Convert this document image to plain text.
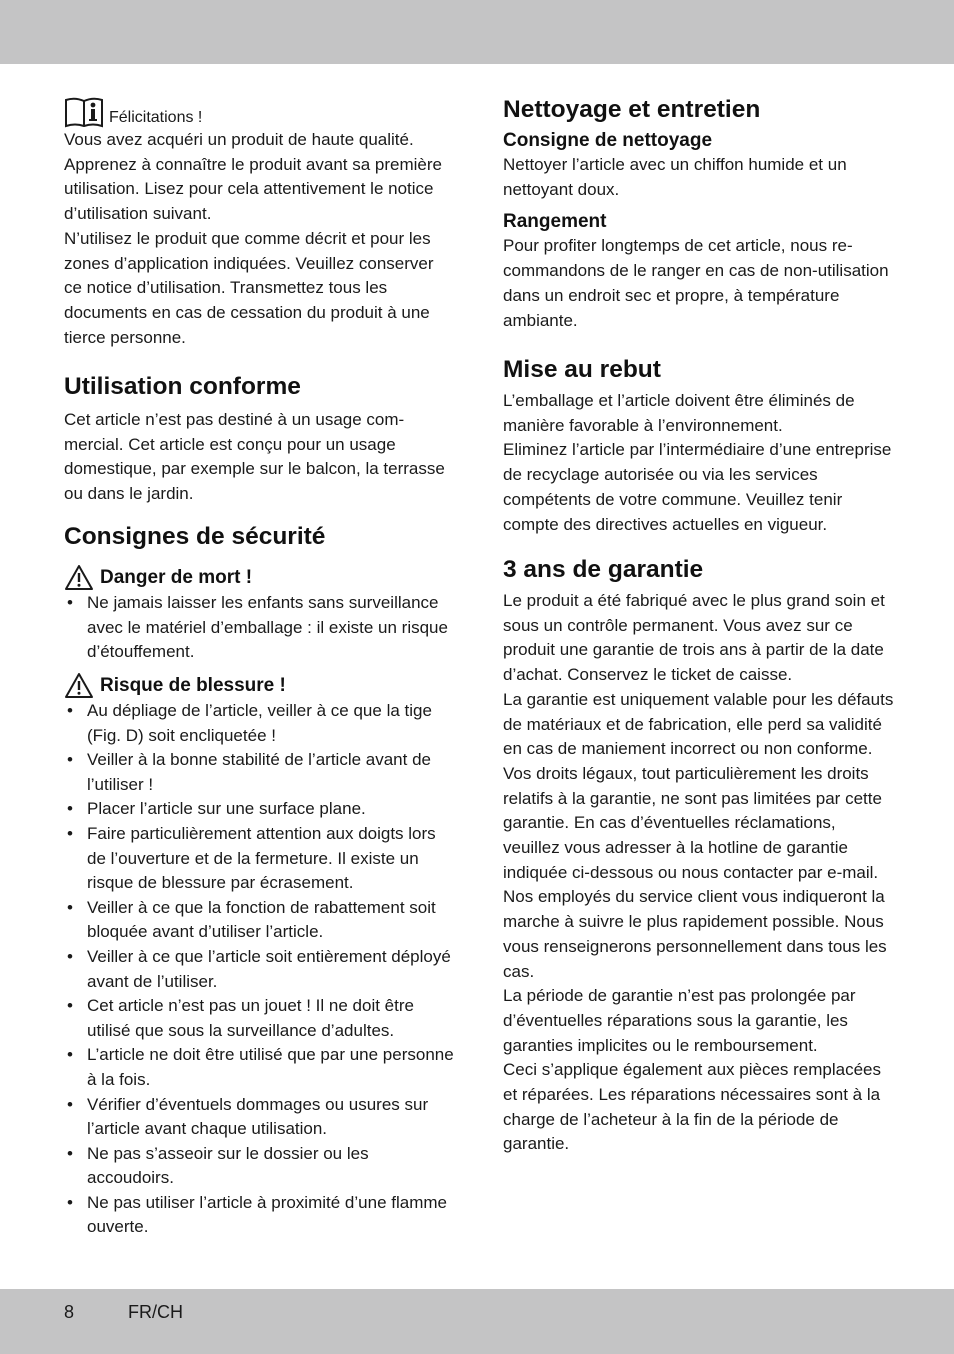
Félicitations !

Vous avez acquéri un produit de haute qualité. Apprenez à connaître le produit avant sa première utilisation. Lisez pour cela attentivement le notice d’utilisation suivant.

N’utilisez le produit que comme décrit et pour les zones d’application indiquées. Veuillez conserver ce notice d’utilisation. Transmettez tous les documents en cas de cessation du produit à une tierce personne.

Utilisation conforme

Cet article n’est pas destiné à un usage commercial. Cet article est conçu pour un usage domestique, par exemple sur le balcon, la terrasse ou dans le jardin.

Consignes de sécurité
Danger de mort !
• Ne jamais laisser les enfants sans surveillance avec le matériel d’emballage : il existe un risque d’étouffement.
Risque de blessure !
• Au dépliage de l’article, veiller à ce que la tige (Fig. D) soit encliquetée !
• Veiller à la bonne stabilité de l’article avant de l’utiliser !
• Placer l’article sur une surface plane.
• Faire particulièrement attention aux doigts lors de l’ouverture et de la fermeture. Il existe un risque de blessure par écrasement.
• Veiller à ce que la fonction de rabattement soit bloquée avant d’utiliser l’article.
• Veiller à ce que l’article soit entièrement déployé avant de l’utiliser.
• Cet article n’est pas un jouet ! Il ne doit être utilisé que sous la surveillance d’adultes.
• L’article ne doit être utilisé que par une personne à la fois.
• Vérifier d’éventuels dommages ou usures sur l’article avant chaque utilisation.
• Ne pas s’asseoir sur le dossier ou les accoudoirs.
• Ne pas utiliser l’article à proximité d’une flamme ouverte.
Nettoyage et entretien
Consigne de nettoyage

Nettoyer l’article avec un chiffon humide et un nettoyant doux.

Rangement

Pour profiter longtemps de cet article, nous recommandons de le ranger en cas de non-utilisation dans un endroit sec et propre, à température ambiante.

Mise au rebut

L’emballage et l’article doivent être éliminés de manière favorable à l’environnement.

Eliminez l’article par l’intermédiaire d’une entreprise de recyclage autorisée ou via les services compétents de votre commune. Veuillez tenir compte des directives actuelles en vigueur.

3 ans de garantie

Le produit a été fabriqué avec le plus grand soin et sous un contrôle permanent. Vous avez sur ce produit une garantie de trois ans à partir de la date d’achat. Conservez le ticket de caisse.

La garantie est uniquement valable pour les défauts de matériaux et de fabrication, elle perd sa validité en cas de maniement incorrect ou non conforme. Vos droits légaux, tout particulièrement les droits relatifs à la garantie, ne sont pas limitées par cette garantie. En cas d’éventuelles réclamations, veuillez vous adresser à la hotline de garantie indiquée ci-dessous ou nous contacter par e-mail. Nos employés du service client vous indiqueront la marche à suivre le plus rapidement possible. Nous vous renseignerons personnellement dans tous les cas.

La période de garantie n’est pas prolongée par d’éventuelles réparations sous la garantie, les garanties implicites ou le remboursement.

Ceci s’applique également aux pièces remplacées et réparées. Les réparations nécessaires sont à la charge de l’acheteur à la fin de la période de garantie.

8	FR/CH
